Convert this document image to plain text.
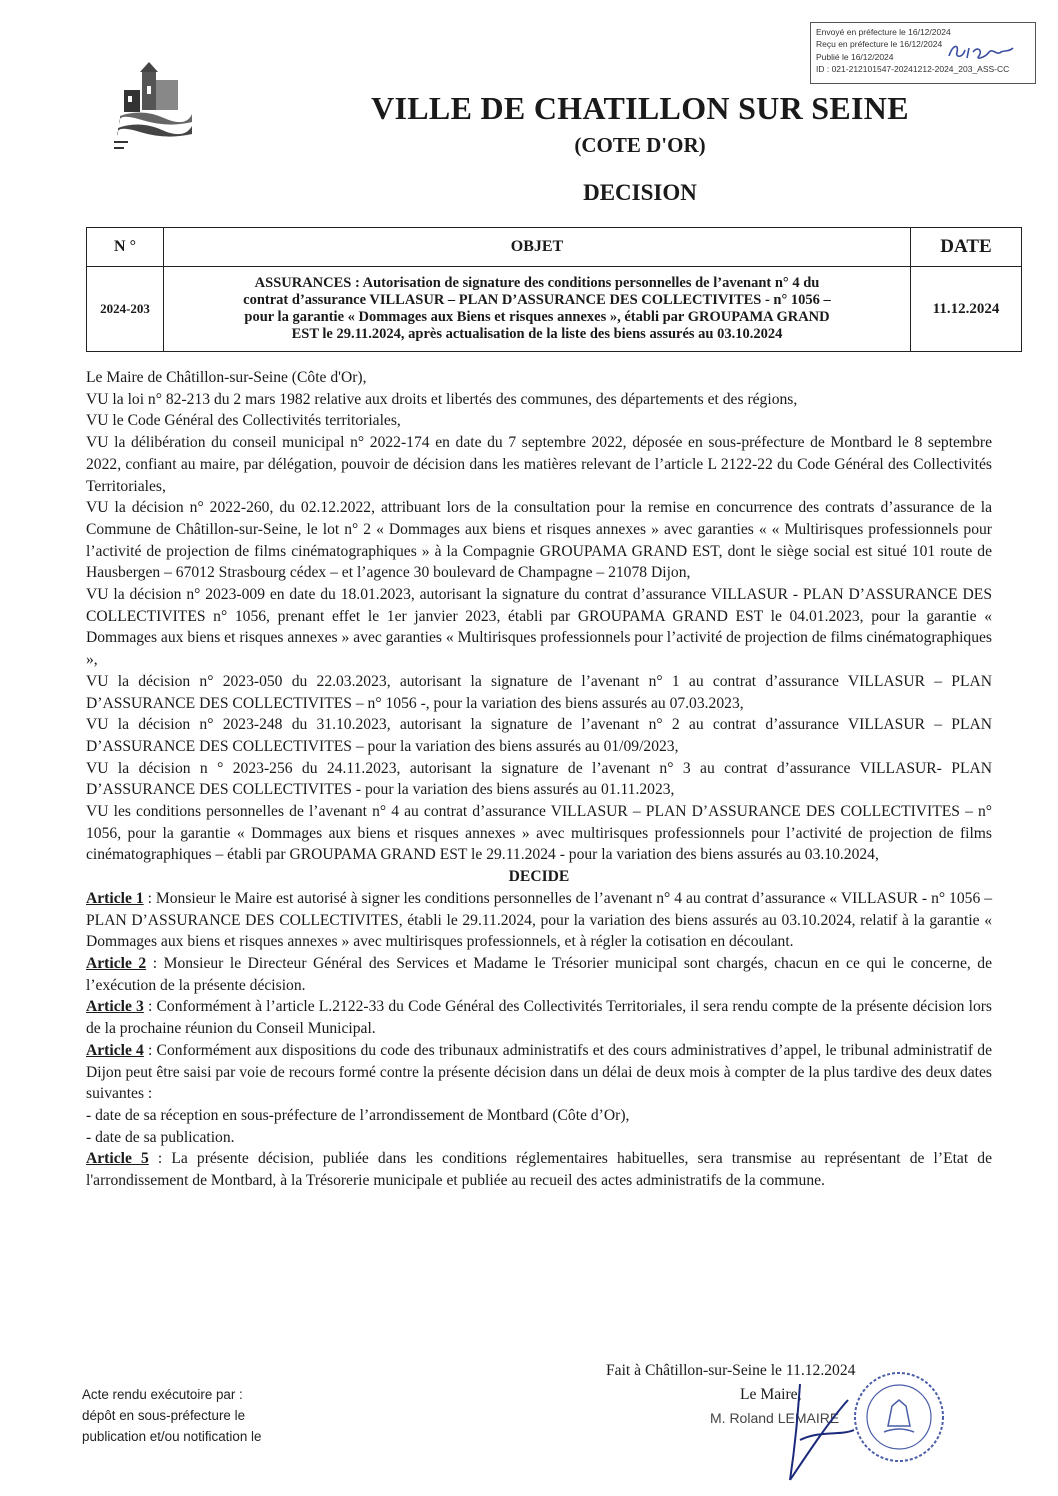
Envoyé en préfecture le 16/12/2024
Reçu en préfecture le 16/12/2024
Publié le 16/12/2024
ID : 021-212101547-20241212-2024_203_ASS-CC
VILLE DE CHATILLON SUR SEINE
(COTE D'OR)
DECISION
N °	OBJET	DATE
2024-203	ASSURANCES : Autorisation de signature des conditions personnelles de l’avenant n° 4 du
contrat d’assurance VILLASUR – PLAN D’ASSURANCE DES COLLECTIVITES - n° 1056 –
pour la garantie « Dommages aux Biens et risques annexes », établi par GROUPAMA GRAND
EST le 29.11.2024, après actualisation de la liste des biens assurés au 03.10.2024	11.12.2024

Le Maire de Châtillon-sur-Seine (Côte d'Or),

VU la loi n° 82-213 du 2 mars 1982 relative aux droits et libertés des communes, des départements et des régions,

VU le Code Général des Collectivités territoriales,

VU la délibération du conseil municipal n° 2022-174 en date du 7 septembre 2022, déposée en sous-préfecture de Montbard le 8 septembre 2022, confiant au maire, par délégation, pouvoir de décision dans les matières relevant de l’article L 2122-22 du Code Général des Collectivités Territoriales,

VU la décision n° 2022-260, du 02.12.2022, attribuant lors de la consultation pour la remise en concurrence des contrats d’assurance de la Commune de Châtillon-sur-Seine, le lot n° 2 « Dommages aux biens et risques annexes » avec garanties « « Multirisques professionnels pour l’activité de projection de films cinématographiques » à la Compagnie GROUPAMA GRAND EST, dont le siège social est situé 101 route de Hausbergen – 67012 Strasbourg cédex – et l’agence 30 boulevard de Champagne – 21078 Dijon,

VU la décision n° 2023-009 en date du 18.01.2023, autorisant la signature du contrat d’assurance VILLASUR - PLAN D’ASSURANCE DES COLLECTIVITES n° 1056, prenant effet le 1er janvier 2023, établi par GROUPAMA GRAND EST le 04.01.2023, pour la garantie « Dommages aux biens et risques annexes » avec garanties « Multirisques professionnels pour l’activité de projection de films cinématographiques »,

VU la décision n° 2023-050 du 22.03.2023, autorisant la signature de l’avenant n° 1 au contrat d’assurance VILLASUR – PLAN D’ASSURANCE DES COLLECTIVITES – n° 1056 -, pour la variation des biens assurés au 07.03.2023,

VU la décision n° 2023-248 du 31.10.2023, autorisant la signature de l’avenant n° 2 au contrat d’assurance VILLASUR – PLAN D’ASSURANCE DES COLLECTIVITES – pour la variation des biens assurés au 01/09/2023,

VU la décision n ° 2023-256 du 24.11.2023, autorisant la signature de l’avenant n° 3 au contrat d’assurance VILLASUR- PLAN D’ASSURANCE DES COLLECTIVITES - pour la variation des biens assurés au 01.11.2023,

VU les conditions personnelles de l’avenant n° 4 au contrat d’assurance VILLASUR – PLAN D’ASSURANCE DES COLLECTIVITES – n° 1056, pour la garantie « Dommages aux biens et risques annexes » avec multirisques professionnels pour l’activité de projection de films cinématographiques – établi par GROUPAMA GRAND EST le 29.11.2024 - pour la variation des biens assurés au 03.10.2024,

DECIDE

Article 1 : Monsieur le Maire est autorisé à signer les conditions personnelles de l’avenant n° 4 au contrat d’assurance « VILLASUR - n° 1056 – PLAN D’ASSURANCE DES COLLECTIVITES, établi le 29.11.2024, pour la variation des biens assurés au 03.10.2024, relatif à la garantie « Dommages aux biens et risques annexes » avec multirisques professionnels, et à régler la cotisation en découlant.

Article 2 : Monsieur le Directeur Général des Services et Madame le Trésorier municipal sont chargés, chacun en ce qui le concerne, de l’exécution de la présente décision.

Article 3 : Conformément à l’article L.2122-33 du Code Général des Collectivités Territoriales, il sera rendu compte de la présente décision lors de la prochaine réunion du Conseil Municipal.

Article 4 : Conformément aux dispositions du code des tribunaux administratifs et des cours administratives d’appel, le tribunal administratif de Dijon peut être saisi par voie de recours formé contre la présente décision dans un délai de deux mois à compter de la plus tardive des deux dates suivantes :

- date de sa réception en sous-préfecture de l’arrondissement de Montbard (Côte d’Or),

- date de sa publication.

Article 5 : La présente décision, publiée dans les conditions réglementaires habituelles, sera transmise au représentant de l’Etat de l'arrondissement de Montbard, à la Trésorerie municipale et publiée au recueil des actes administratifs de la commune.

Fait à Châtillon-sur-Seine le 11.12.2024
Le Maire,
M. Roland LEMAIRE
Acte rendu exécutoire par :
dépôt en sous-préfecture le
publication et/ou notification le
